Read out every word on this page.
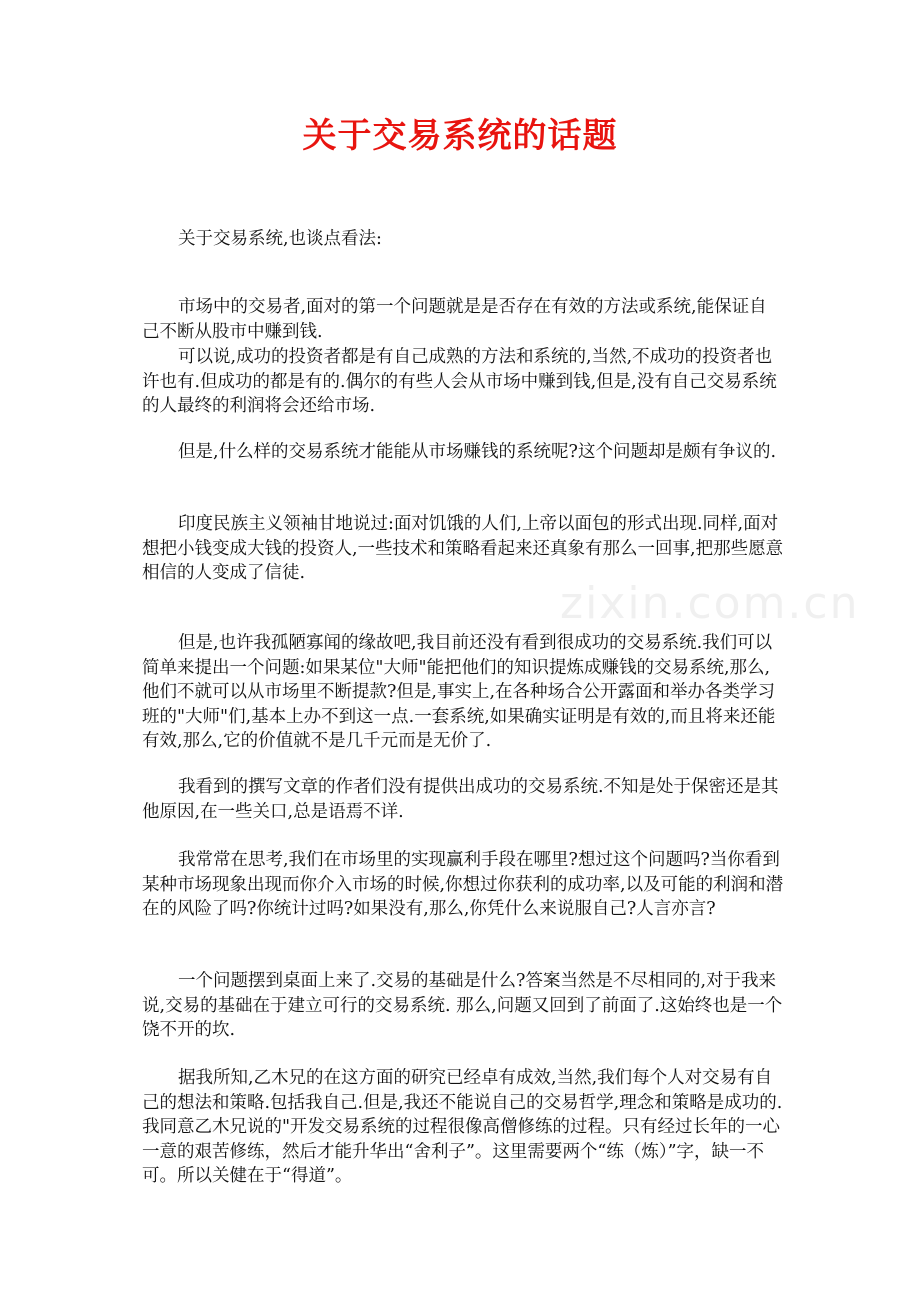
zixin.com.cn
关于交易系统的话题

关于交易系统,也谈点看法:

市场中的交易者,面对的第一个问题就是是否存在有效的方法或系统,能保证自己不断从股市中赚到钱.

可以说,成功的投资者都是有自己成熟的方法和系统的,当然,不成功的投资者也许也有.但成功的都是有的.偶尔的有些人会从市场中赚到钱,但是,没有自己交易系统的人最终的利润将会还给市场.

但是,什么样的交易系统才能能从市场赚钱的系统呢?这个问题却是颇有争议的.

印度民族主义领袖甘地说过:面对饥饿的人们,上帝以面包的形式出现.同样,面对想把小钱变成大钱的投资人,一些技术和策略看起来还真象有那么一回事,把那些愿意相信的人变成了信徒.

但是,也许我孤陋寡闻的缘故吧,我目前还没有看到很成功的交易系统.我们可以简单来提出一个问题:如果某位"大师"能把他们的知识提炼成赚钱的交易系统,那么,他们不就可以从市场里不断提款?但是,事实上,在各种场合公开露面和举办各类学习班的"大师"们,基本上办不到这一点.一套系统,如果确实证明是有效的,而且将来还能有效,那么,它的价值就不是几千元而是无价了.

我看到的撰写文章的作者们没有提供出成功的交易系统.不知是处于保密还是其他原因,在一些关口,总是语焉不详.

我常常在思考,我们在市场里的实现赢利手段在哪里?想过这个问题吗?当你看到某种市场现象出现而你介入市场的时候,你想过你获利的成功率,以及可能的利润和潜在的风险了吗?你统计过吗?如果没有,那么,你凭什么来说服自己?人言亦言?

一个问题摆到桌面上来了.交易的基础是什么?答案当然是不尽相同的,对于我来说,交易的基础在于建立可行的交易系统. 那么,问题又回到了前面了.这始终也是一个饶不开的坎.

据我所知,乙木兄的在这方面的研究已经卓有成效,当然,我们每个人对交易有自己的想法和策略.包括我自己.但是,我还不能说自己的交易哲学,理念和策略是成功的.我同意乙木兄说的"开发交易系统的过程很像高僧修练的过程。只有经过长年的一心一意的艰苦修练，然后才能升华出“舍利子”。这里需要两个“练（炼）”字，缺一不可。所以关健在于“得道”。
